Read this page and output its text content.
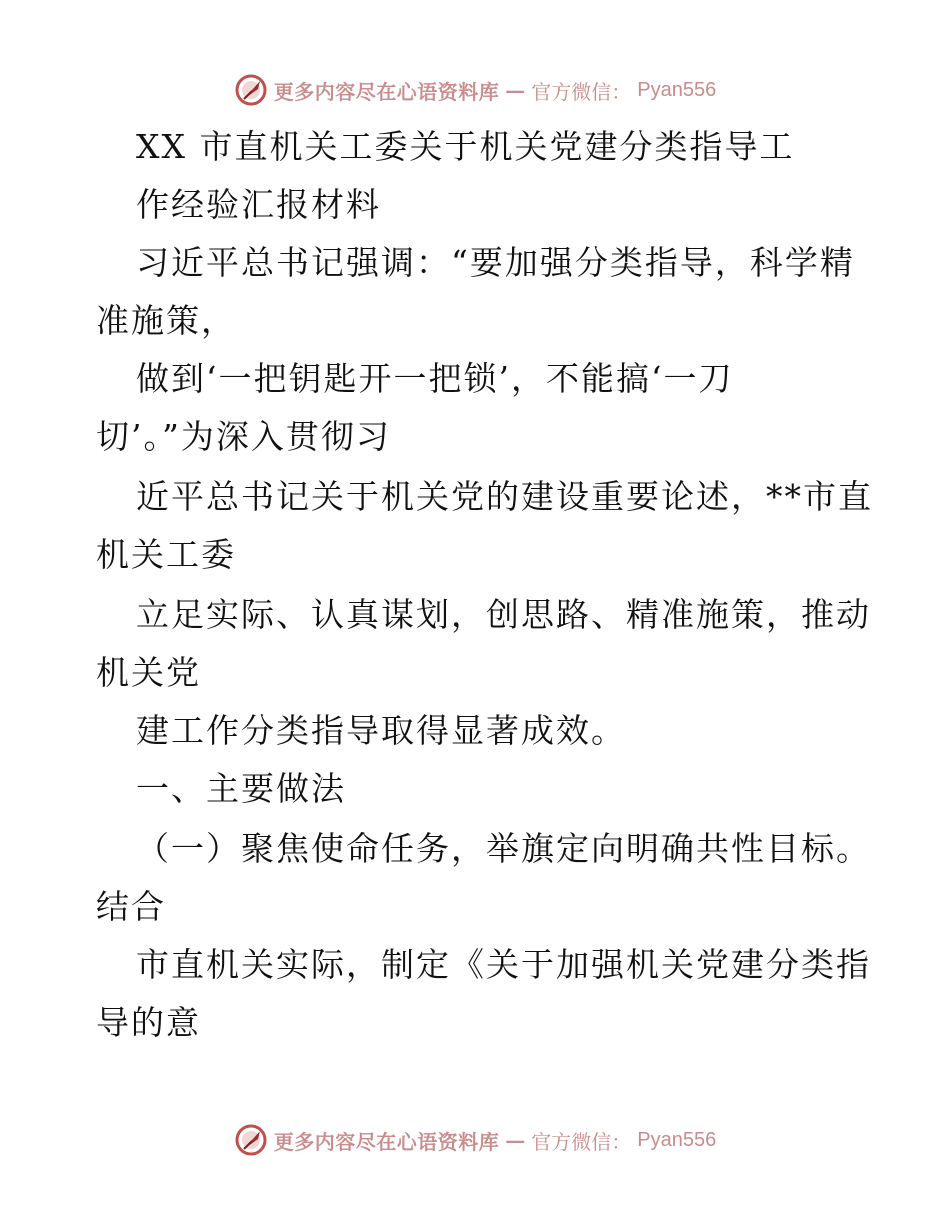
更多内容尽在心语资料库 — 官方微信： Pyan556
XX 市直机关工委关于机关党建分类指导工
作经验汇报材料
习近平总书记强调：“要加强分类指导，科学精
准施策，
做到‘一把钥匙开一把锁’，不能搞‘一刀
切’。”为深入贯彻习
近平总书记关于机关党的建设重要论述，**市直
机关工委
立足实际、认真谋划，创思路、精准施策，推动
机关党
建工作分类指导取得显著成效。
一、主要做法
（一）聚焦使命任务，举旗定向明确共性目标。
结合
市直机关实际，制定《关于加强机关党建分类指
导的意
更多内容尽在心语资料库 — 官方微信： Pyan556
